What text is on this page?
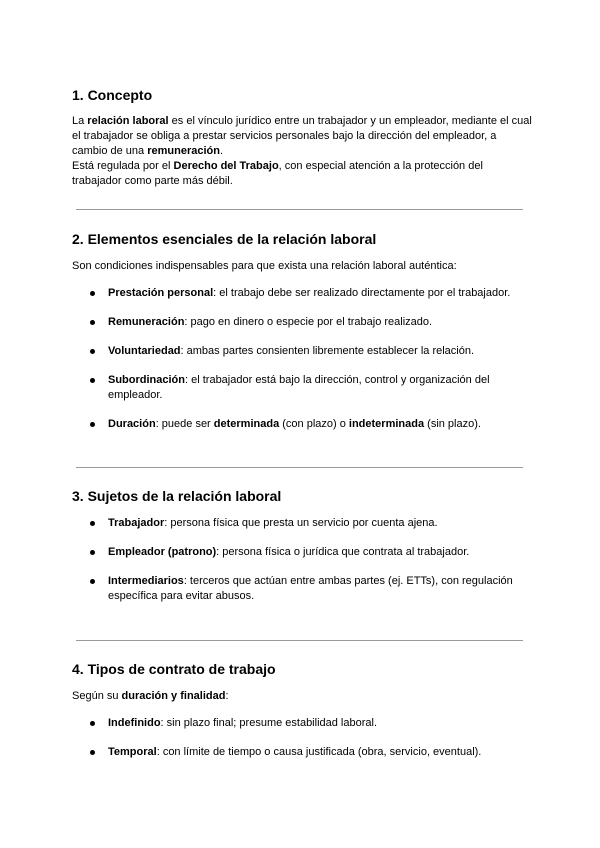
1. Concepto

La relación laboral es el vínculo jurídico entre un trabajador y un empleador, mediante el cual el trabajador se obliga a prestar servicios personales bajo la dirección del empleador, a cambio de una remuneración.
Está regulada por el Derecho del Trabajo, con especial atención a la protección del trabajador como parte más débil.

2. Elementos esenciales de la relación laboral

Son condiciones indispensables para que exista una relación laboral auténtica:

Prestación personal: el trabajo debe ser realizado directamente por el trabajador.
Remuneración: pago en dinero o especie por el trabajo realizado.
Voluntariedad: ambas partes consienten libremente establecer la relación.
Subordinación: el trabajador está bajo la dirección, control y organización del empleador.
Duración: puede ser determinada (con plazo) o indeterminada (sin plazo).
3. Sujetos de la relación laboral
Trabajador: persona física que presta un servicio por cuenta ajena.
Empleador (patrono): persona física o jurídica que contrata al trabajador.
Intermediarios: terceros que actúan entre ambas partes (ej. ETTs), con regulación específica para evitar abusos.
4. Tipos de contrato de trabajo

Según su duración y finalidad:

Indefinido: sin plazo final; presume estabilidad laboral.
Temporal: con límite de tiempo o causa justificada (obra, servicio, eventual).
